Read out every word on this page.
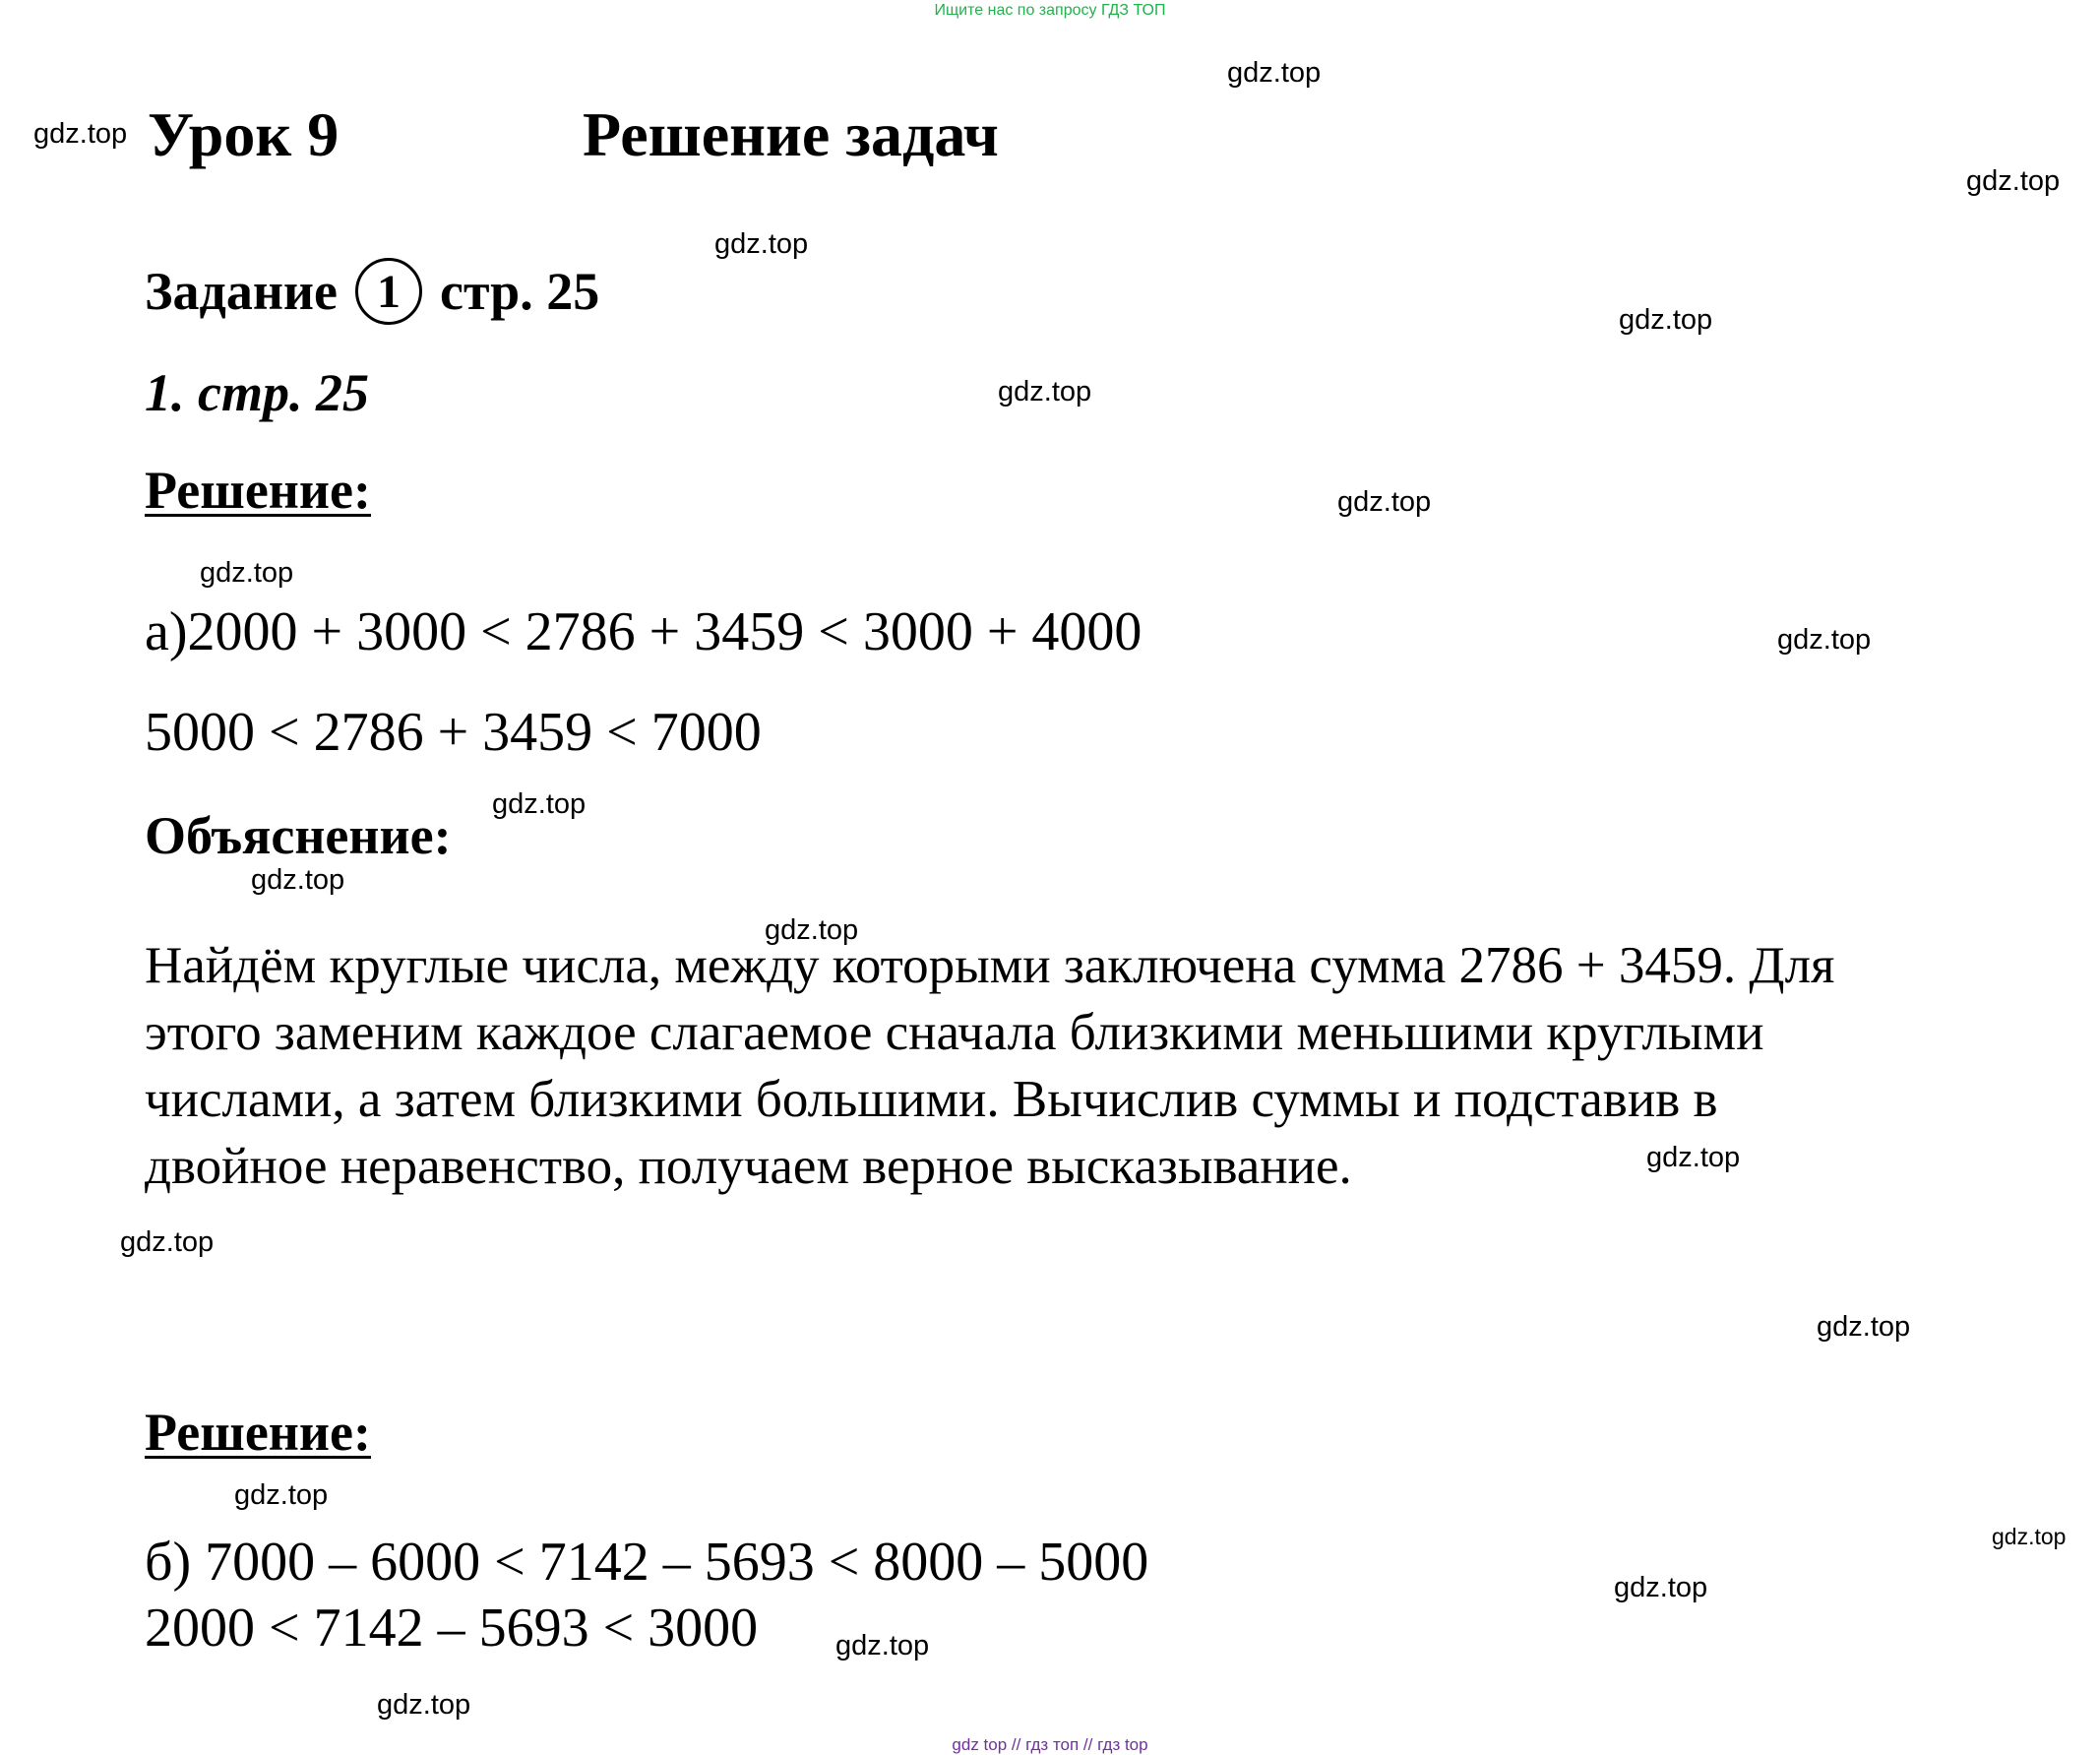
Ищите нас по запросу ГДЗ ТОП
Урок 9	Решение задач
Задание 1 стр. 25
1. стр. 25
Решение:
а)2000 + 3000 < 2786 + 3459 < 3000 + 4000
5000 < 2786 + 3459 < 7000
Объяснение:
Найдём круглые числа, между которыми заключена сумма 2786 + 3459. Для
этого заменим каждое слагаемое сначала близкими меньшими круглыми
числами, а затем близкими большими. Вычислив суммы и подставив в
двойное неравенство, получаем верное высказывание.
Решение:
б) 7000 – 6000 < 7142 – 5693 < 8000 – 5000
2000 < 7142 – 5693 < 3000
gdz.top
gdz.top
gdz.top
gdz.top
gdz.top
gdz.top
gdz.top
gdz.top
gdz.top
gdz.top
gdz.top
gdz.top
gdz.top
gdz.top
gdz.top
gdz.top
gdz.top
gdz.top
gdz.top
gdz.top
gdz top // гдз топ // гдз top
